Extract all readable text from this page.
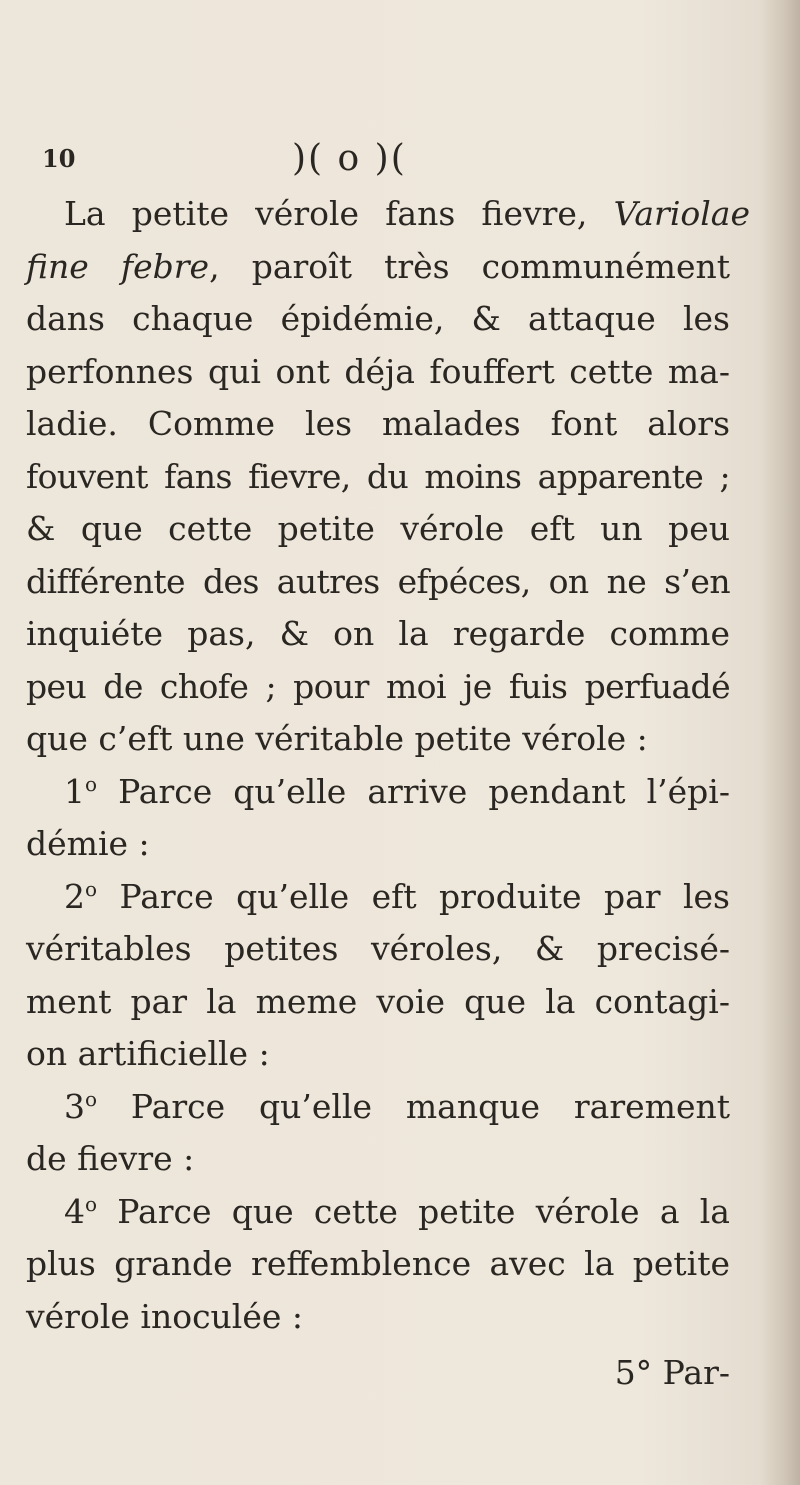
10	)( o )(
La petite vérole fans fievre, Variolae
fine febre, paroît très communément
dans chaque épidémie, & attaque les
perfonnes qui ont déja fouffert cette ma-
ladie. Comme les malades font alors
fouvent fans fievre, du moins apparente ;
& que cette petite vérole eft un peu
différente des autres efpéces, on ne s’en
inquiéte pas, & on la regarde comme
peu de chofe ; pour moi je fuis perfuadé
que c’eft une véritable petite vérole :
1$^o$ Parce qu’elle arrive pendant l’épi-
démie :
2$^o$ Parce qu’elle eft produite par les
véritables petites véroles, & precisé-
ment par la meme voie que la contagi-
on artificielle :
3$^o$ Parce qu’elle manque rarement
de fievre :
4$^o$ Parce que cette petite vérole a la
plus grande reffemblence avec la petite
vérole inoculée :
5° Par-
